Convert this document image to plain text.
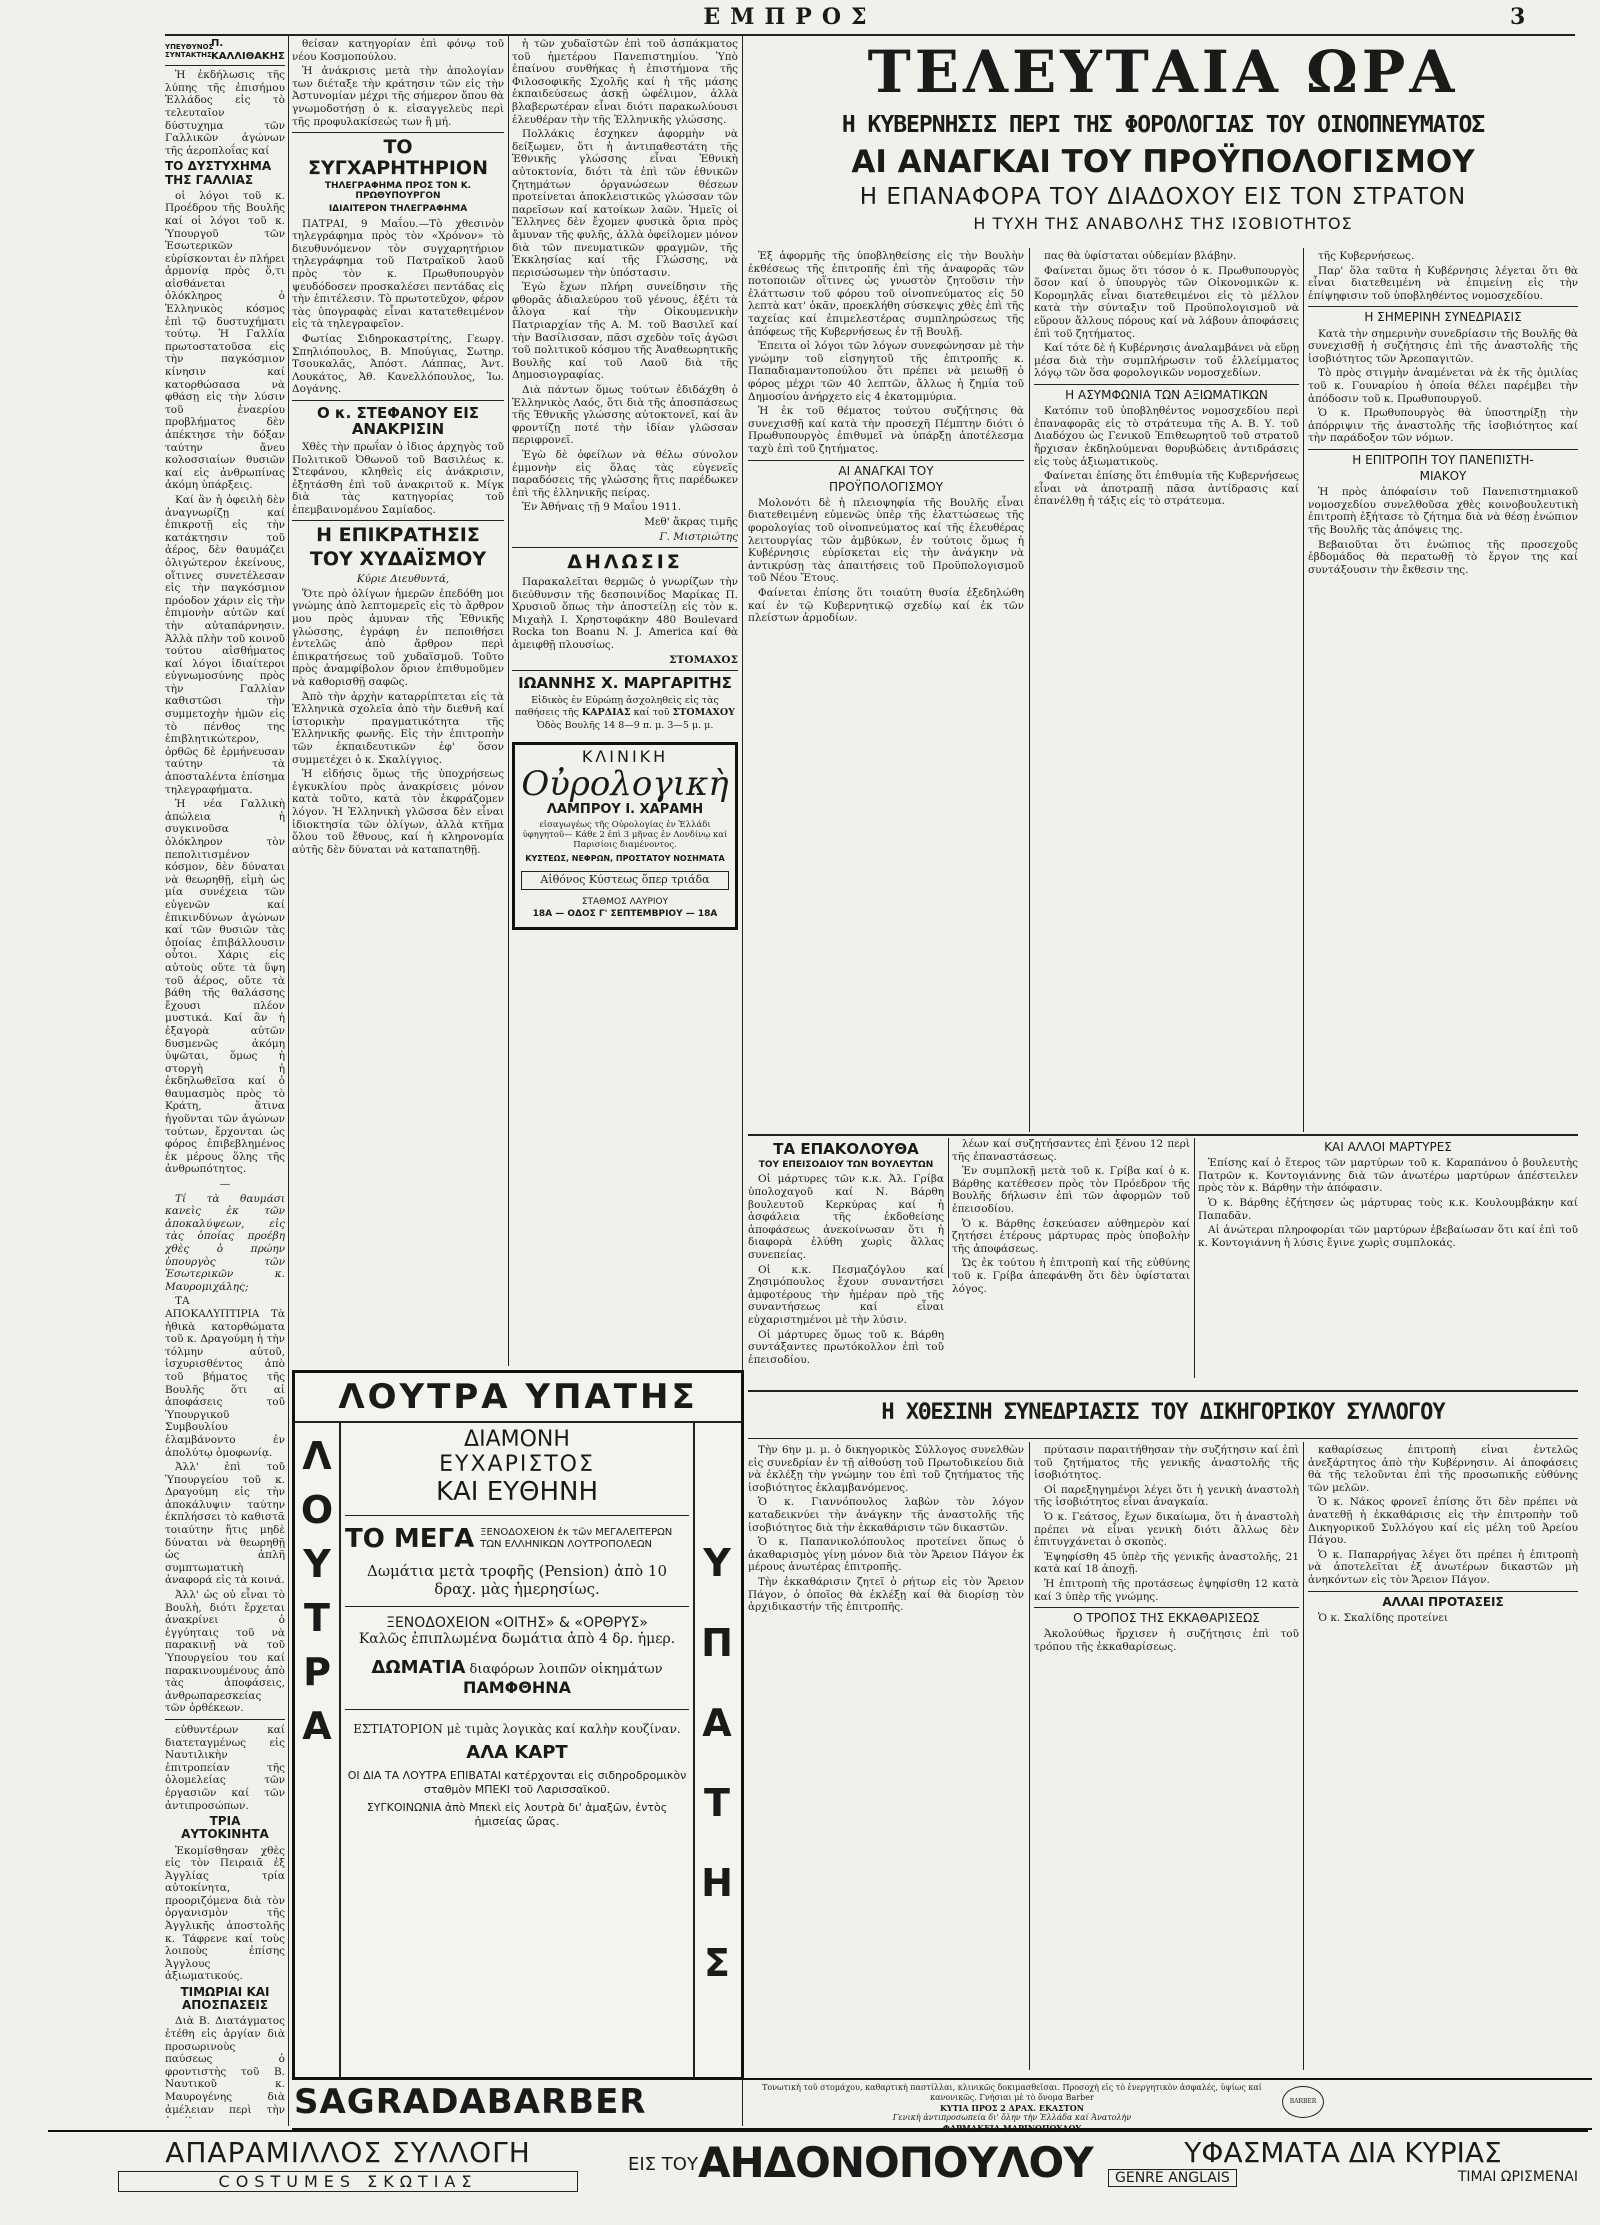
ΕΜΠΡΟΣ	3
ΥΠΕΥΘΥΝΟΣ ΣΥΝΤΑΚΤΗΣ
Π. ΚΑΛΛΙΘΑΚΗΣ

Ἡ ἐκδήλωσις τῆς λύπης τῆς ἐπισήμου Ἑλλάδος εἰς τὸ τελευταῖον δύστυχημα τῶν Γαλλικῶν ἀγώνων τῆς ἀεροπλοΐας καί

ΤΟ ΔΥΣΤΥΧΗΜΑ ΤΗΣ ΓΑΛΛΙΑΣ

οἱ λόγοι τοῦ κ. Προέδρου τῆς Βουλῆς καί οἱ λόγοι τοῦ κ. Ὑπουργοῦ τῶν Ἐσωτερικῶν εὑρίσκονται ἐν πλήρει ἁρμονίᾳ πρὸς ὅ,τι αἰσθάνεται ὁλόκληρος ὁ Ἑλληνικὸς κόσμος ἐπὶ τῷ δυστυχήματι τούτῳ. Ἡ Γαλλία πρωτοστατοῦσα εἰς τὴν παγκόσμιον κίνησιν καί κατορθώσασα νὰ φθάσῃ εἰς τὴν λύσιν τοῦ ἐναερίου προβλήματος δὲν ἀπέκτησε τὴν δόξαν ταύτην ἄνευ κολοσσιαίων θυσιῶν καί εἰς ἀνθρωπίνας ἀκόμη ὑπάρξεις.

Καί ἂν ἡ ὀφειλὴ δὲν ἀναγνωρίζῃ καί ἐπικροτῇ εἰς τὴν κατάκτησιν τοῦ ἀέρος, δὲν θαυμάζει ὀλιγώτερον ἐκείνους, οἵτινες συνετέλεσαν εἰς τὴν παγκόσμιον πρόοδον χάριν εἰς τὴν ἐπιμονὴν αὐτῶν καί τὴν αὐταπάρνησιν. Ἀλλὰ πλὴν τοῦ κοινοῦ τούτου αἰσθήματος καί λόγοι ἰδιαίτεροι εὐγνωμοσύνης πρὸς τὴν Γαλλίαν καθιστῶσι τὴν συμμετοχὴν ἡμῶν εἰς τὸ πένθος της ἐπιβλητικώτερον, ὀρθῶς δὲ ἑρμήνευσαν ταύτην τὰ ἀποσταλέντα ἐπίσημα τηλεγραφήματα.

Ἡ νέα Γαλλικὴ ἀπώλεια ἡ συγκινοῦσα ὁλόκληρον τὸν πεπολιτισμένον κόσμον, δὲν δύναται νὰ θεωρηθῇ, εἰμὴ ὡς μία συνέχεια τῶν εὐγενῶν καί ἐπικινδύνων ἀγώνων καί τῶν θυσιῶν τὰς ὁποίας ἐπιβάλλουσιν οὗτοι. Χάρις εἰς αὐτοὺς οὔτε τὰ ὕψη τοῦ ἀέρος, οὔτε τὰ βάθη τῆς θαλάσσης ἔχουσι πλέον μυστικά. Καί ἂν ἡ ἐξαγορὰ αὐτῶν δυσμενῶς ἀκόμη ὑψῶται, ὅμως ἡ στοργὴ ἡ ἐκδηλωθεῖσα καί ὁ θαυμασμὸς πρὸς τὸ Κράτη, ἅτινα ἡγοῦνται τῶν ἀγώνων τούτων, ἔρχονται ὡς φόρος ἐπιβεβλημένος ἐκ μέρους ὅλης τῆς ἀνθρωπότητος.

—

Τί τὰ θαυμάσι κανεὶς ἐκ τῶν ἀποκαλύψεων, εἰς τὰς ὁποίας προέβη χθὲς ὁ πρώην ὑπουργὸς τῶν Ἐσωτερικῶν κ. Μαυρομιχάλης;

ΤΑ ΑΠΟΚΑΛΥΠΤΙΡΙΑ Τὰ ἠθικὰ κατορθώματα τοῦ κ. Δραγούμη ἡ τὴν τόλμην αὐτοῦ, ἰσχυρισθέντος ἀπὸ τοῦ βήματος τῆς Βουλῆς ὅτι αἱ ἀποφάσεις τοῦ Ὑπουργικοῦ Συμβουλίου ἐλαμβάνοντο ἐν ἀπολύτῳ ὁμοφωνίᾳ.

Ἀλλ' ἐπὶ τοῦ Ὑπουργείου τοῦ κ. Δραγούμη εἰς τὴν ἀποκάλυψιν ταύτην ἐκπλήσσει τὸ καθιστᾶ τοιαύτην ἥτις μηδὲ δύναται νὰ θεωρηθῇ ὡς ἀπλῆ συμπτωματικὴ ἀναφορά εἰς τὰ κοινά.

Ἀλλ' ὡς οὐ εἶναι τὸ Βουλὴ, διότι ἔρχεται ἀνακρίνει ὁ ἐγγύηταις τοῦ νὰ παρακινῇ νὰ τοῦ Ὑπουργείου του καί παρακινουμένους ἀπὸ τὰς ἀποφάσεις, ἀνθρωπαρεσκείας τῶν ὀρθέκεων.

εὐθυντέρων καί διατεταγμένως εἰς Ναυτιλικὴν ἐπιτροπείαν τῆς ὁλομελείας τῶν ἐργασιῶν καί τῶν ἀντιπροσώπων.

ΤΡΙΑ ΑΥΤΟΚΙΝΗΤΑ

Ἐκομίσθησαν χθὲς εἰς τὸν Πειραιᾶ ἐξ Ἀγγλίας τρία αὐτοκίνητα, προοριζόμενα διὰ τὸν ὀργανισμὸν τῆς Ἀγγλικῆς ἀποστολῆς κ. Τάφρενε καί τοὺς λοιποὺς ἐπίσης Ἀγγλους ἀξιωματικούς.

ΤΙΜΩΡΙΑΙ ΚΑΙ ΑΠΟΣΠΑΣΕΙΣ

Διὰ Β. Διατάγματος ἐτέθη εἰς ἀργίαν διὰ προσωρινοὺς παύσεως ὁ φροντιστὴς τοῦ Β. Ναυτικοῦ κ. Μαυρογένης διὰ ἀμέλειαν περὶ τὴν

θείσαν κατηγορίαν ἐπὶ φόνῳ τοῦ νέου Κοσμοπούλου.

Ἡ ἀνάκρισις μετὰ τὴν ἀπολογίαν των διέταξε τὴν κράτησιν τῶν εἰς τὴν Ἀστυνομίαν μέχρι τῆς σήμερον ὅπου θὰ γνωμοδοτήσῃ ὁ κ. εἰσαγγελεὺς περὶ τῆς προφυλακίσεώς των ἢ μή.

ΤΟ ΣΥΓΧΑΡΗΤΗΡΙΟΝ
ΤΗΛΕΓΡΑΦΗΜΑ ΠΡΟΣ ΤΟΝ Κ. ΠΡΩΘΥΠΟΥΡΓΟΝ
ΙΔΙΑΙΤΕΡΟΝ ΤΗΛΕΓΡΑΦΗΜΑ

ΠΑΤΡΑΙ, 9 Μαΐου.—Τὸ χθεσινὸν τηλεγράφημα πρὸς τὸν «Χρόνον» τὸ διευθυνόμενον τὸν συγχαρητήριον τηλεγράφημα τοῦ Πατραϊκοῦ λαοῦ πρὸς τὸν κ. Πρωθυπουργὸν ψευδόδοσεν προσκαλέσει πεντάδας εἰς τὴν ἐπιτέλεσιν. Τὸ πρωτοτεῦχον, φέρον τὰς ὑπογραφὰς εἶναι κατατεθειμένον εἰς τὰ τηλεγραφεῖον.

Φωτίας Σιδηροκαστρίτης, Γεωργ. Σπηλιόπουλος, Β. Μπούγιας, Σωτηρ. Τσουκαλᾶς, Ἀπόστ. Λάππας, Ἀντ. Λουκάτος, Ἀθ. Κανελλόπουλος, Ἰω. Δογάνης.

Ο κ. ΣΤΕΦΑΝΟΥ ΕΙΣ ΑΝΑΚΡΙΣΙΝ

Χθὲς τὴν πρωΐαν ὁ ἰδιος ἀρχηγὸς τοῦ Πολιτικοῦ Ὀθωνοῦ τοῦ Βασιλέως κ. Στεφάνου, κληθεὶς εἰς ἀνάκρισιν, ἐξητάσθη ἐπὶ τοῦ ἀνακριτοῦ κ. Μίγκ διὰ τὰς κατηγορίας τοῦ ἐπεμβαινομένου Σαμίαδος.

Η ΕΠΙΚΡΑΤΗΣΙΣ
ΤΟΥ ΧΥΔΑΪΣΜΟΥ

Κύριε Διευθυντά,

Ὅτε πρὸ ὀλίγων ἡμερῶν ἐπεδόθη μοι γνώμης ἀπὸ λεπτομερεῖς εἰς τὸ ἄρθρον μου πρὸς ἀμυναν τῆς Ἑθνικῆς γλώσσης, ἐγράφη ἐν πεποιθήσει ἐντελῶς ἀπὸ ἄρθρον περὶ ἐπικρατήσεως τοῦ χυδαϊσμοῦ. Τοῦτο πρὸς ἀναμφίβολον ὅριον ἐπιθυμοῦμεν νὰ καθορισθῇ σαφῶς.

Ἀπὸ τὴν ἀρχὴν καταρρίπτεται εἰς τὰ Ἑλληνικὰ σχολεῖα ἀπὸ τὴν διεθνῆ καί ἱστορικὴν πραγματικότητα τῆς Ἑλληνικῆς φωνῆς. Εἰς τὴν ἐπιτροπὴν τῶν ἐκπαιδευτικῶν ἐφ' ὅσον συμμετέχει ὁ κ. Σκαλίγγιος.

Ἡ εἰδήσις ὅμως τῆς ὑποχρήσεως ἐγκυκλίου πρὸς ἀνακρίσεις μόνον κατὰ τοῦτο, κατὰ τὸν ἐκφράζομεν λόγον. Ἡ Ἑλληνικὴ γλῶσσα δὲν εἶναι ἰδιοκτησία τῶν ὀλίγων, ἀλλὰ κτῆμα ὅλου τοῦ ἔθνους, καί ἡ κληρονομία αὐτῆς δὲν δύναται νὰ καταπατηθῇ.

ἡ τῶν χυδαϊστῶν ἐπὶ τοῦ ἀσπάκματος τοῦ ἡμετέρου Πανεπιστημίου. Ὑπὸ ἐπαίνου συνθήκας ἡ ἐπιστήμονα τῆς Φιλοσοφικῆς Σχολῆς καί ἡ τῆς μάσης ἐκπαιδεύσεως ἀσκῇ ὠφέλιμον, ἀλλὰ βλαβερωτέραν εἶναι διότι παρακωλύουσι ἐλευθέραν τὴν τῆς Ἑλληνικῆς γλώσσης.

Πολλάκις ἐσχηκεν ἀφορμὴν νὰ δείξωμεν, ὅτι ἡ ἀντιπαθεστάτη τῆς Ἑθνικῆς γλώσσης εἶναι Ἑθνικὴ αὐτοκτονία, διότι τὰ ἐπὶ τῶν ἐθνικῶν ζητημάτων ὀργανώσεων θέσεων προτείνεται ἀποκλειστικῶς γλώσσαν τῶν παρεῖσων καί κατοίκων λαῶν. Ἡμεῖς οἱ Ἕλληνες δὲν ἔχομεν φυσικὰ ὅρια πρὸς ἄμυναν τῆς φυλῆς, ἀλλὰ ὀφείλομεν μόνον διὰ τῶν πνευματικῶν φραγμῶν, τῆς Ἐκκλησίας καί τῆς Γλώσσης, νὰ περισώσωμεν τὴν ὑπόστασιν.

Ἐγὼ ἔχων πλήρη συνείδησιν τῆς φθορᾶς ἀδιαλεύρου τοῦ γένους, ἐξέτι τὰ ἄλογα καί τὴν Οἰκουμενικὴν Πατριαρχίαν τῆς Α. Μ. τοῦ Βασιλεῖ καί τὴν Βασίλισσαν, πᾶσι σχεδὸν τοῖς ἀγῶσι τοῦ πολιτικοῦ κόσμου τῆς Ἀναθεωρητικῆς Βουλῆς καί τοῦ Λαοῦ διὰ τῆς Δημοσιογραφίας.

Διὰ πάντων ὅμως τούτων ἐδιδάχθη ὁ Ἑλληνικὸς Λαός, ὅτι διὰ τῆς ἀποσπάσεως τῆς Ἑθνικῆς γλώσσης αὐτοκτονεῖ, καί ἂν φροντίζῃ ποτέ τὴν ἰδίαν γλῶσσαν περιφρονεῖ.

Ἐγὼ δὲ ὀφείλων νὰ θέλω σύνολον ἐμμονὴν εἰς ὅλας τὰς εὐγενεῖς παραδόσεις τῆς γλώσσης ἥτις παρέδωκεν ἐπὶ τῆς ἑλληνικῆς πείρας.

Ἐν Ἀθήναις τῇ 9 Μαΐου 1911.

Μεθ' ἄκρας τιμῆς

Γ. Μιστριώτης

ΔΗΛΩΣΙΣ

Παρακαλεῖται θερμῶς ὁ γνωρίζων τὴν διεύθυνσιν τῆς δεσποινίδος Μαρίκας Π. Χρυσιοῦ ὅπως τὴν ἀποστείλῃ εἰς τὸν κ. Μιχαὴλ Ι. Χρηστοφάκην 480 Boulevard Rocka ton Boanu N. J. America καί θὰ ἀμειφθῇ πλουσίως.

ΣΤΟΜΑΧΟΣ

ΙΩΑΝΝΗΣ Χ. ΜΑΡΓΑΡΙΤΗΣ
Εἰδικὸς ἐν Εὐρώπῃ ἀσχοληθεὶς εἰς τὰς παθήσεις τῆς ΚΑΡΔΙΑΣ καί τοῦ ΣΤΟΜΑΧΟΥ
Ὁδὸς Βουλῆς 14 8—9 π. μ. 3—5 μ. μ.
ΚΛΙΝΙΚΗ
Οὐρολογικὴ
ΛΑΜΠΡΟΥ Ι. ΧΑΡΑΜΗ
εἰσαγωγέως τῆς Οὐρολογίας ἐν Ἑλλάδι ὑφηγητοῦ— Κάθε 2 ἐπὶ 3 μῆνας ἐν Λονδίνῳ καί Παρισίοις διαμένοντος.
ΚΥΣΤΕΩΣ, ΝΕΦΡΩΝ, ΠΡΟΣΤΑΤΟΥ ΝΟΣΗΜΑΤΑ
Αἰθόνος Κύστεως ὅπερ τριάδα
ΣΤΑΘΜΟΣ ΛΑΥΡΙΟΥ
18Α — ΟΔΟΣ Γ' ΣΕΠΤΕΜΒΡΙΟΥ — 18Α
ΛΟΥΤΡΑ ΥΠΑΤΗΣ
ΛΟΥΤΡΑ
ΥΠΑΤΗΣ
ΔΙΑΜΟΝΗ
ΕΥΧΑΡΙΣΤΟΣ
ΚΑΙ ΕΥΘΗΝΗ
ΤΟ ΜΕΓΑ ΞΕΝΟΔΟΧΕΙΟΝ ἐκ τῶν ΜΕΓΑΛΕΙΤΕΡΩΝ ΤΩΝ ΕΛΛΗΝΙΚΩΝ ΛΟΥΤΡΟΠΟΛΕΩΝ
Δωμάτια μετὰ τροφῆς (Pension) ἀπὸ 10 δραχ. μὰς ἡμερησίως.
ΞΕΝΟΔΟΧΕΙΟΝ «ΟΙΤΗΣ» & «ΟΡΘΡΥΣ»
Καλῶς ἐπιπλωμένα δωμάτια ἀπὸ 4 δρ. ἡμερ.
ΔΩΜΑΤΙΑ διαφόρων λοιπῶν οἰκημάτων
ΠΑΜΦΘΗΝΑ
ΕΣΤΙΑΤΟΡΙΟΝ μὲ τιμὰς λογικὰς καί καλὴν κουζίναν.
ΑΛΑ ΚΑΡΤ
ΟΙ ΔΙΑ ΤΑ ΛΟΥΤΡΑ ΕΠΙΒΑΤΑΙ κατέρχονται εἰς σιδηροδρομικὸν σταθμὸν ΜΠΕΚΙ τοῦ Λαρισσαϊκοῦ.
ΣΥΓΚΟΙΝΩΝΙΑ ἀπὸ Μπεκὶ εἰς λουτρὰ δι' ἁμαξῶν, ἐντὸς ἡμισείας ὥρας.
SAGRADABARBER	Τονωτικὴ τοῦ στομάχου, καθαρτικὴ παστίλλαι, κλινικῶς δοκιμασθεῖσαι. Προσοχὴ εἰς τὸ ἐνεργητικὸν ἀσφαλές, ὑψίως καί κανονικῶς. Γνήσιαι μὲ τὸ ὄνομα Barber
ΚΥΤΙΑ ΠΡΟΣ 2 ΔΡΑΧ. ΕΚΑΣΤΟΝ
Γενικὴ ἀντιπροσωπεία δι' ὅλην τὴν Ἑλλάδα καί Ἀνατολὴν
ΦΑΡΜΑΚΕΙΑ ΜΑΡΙΝΟΠΟΥΛΟΥ
BARBER
ΤΕΛΕΥΤΑΙΑ ΩΡΑ
Η ΚΥΒΕΡΝΗΣΙΣ ΠΕΡΙ ΤΗΣ ΦΟΡΟΛΟΓΙΑΣ ΤΟΥ ΟΙΝΟΠΝΕΥΜΑΤΟΣ
ΑΙ ΑΝΑΓΚΑΙ ΤΟΥ ΠΡΟΫΠΟΛΟΓΙΣΜΟΥ
Η ΕΠΑΝΑΦΟΡΑ ΤΟΥ ΔΙΑΔΟΧΟΥ ΕΙΣ ΤΟΝ ΣΤΡΑΤΟΝ
Η ΤΥΧΗ ΤΗΣ ΑΝΑΒΟΛΗΣ ΤΗΣ ΙΣΟΒΙΟΤΗΤΟΣ

Ἐξ ἀφορμῆς τῆς ὑποβληθείσης εἰς τὴν Βουλὴν ἐκθέσεως τῆς ἐπιτροπῆς ἐπὶ τῆς ἀναφορᾶς τῶν ποτοποιῶν οἵτινες ὡς γνωστὸν ζητοῦσιν τὴν ἐλάττωσιν τοῦ φόρου τοῦ οἰνοπνεύματος εἰς 50 λεπτὰ κατ' ὀκᾶν, προεκλήθη σύσκεψις χθὲς ἐπὶ τῆς ταχείας καί ἐπιμελεστέρας συμπληρώσεως τῆς ἀπόφεως τῆς Κυβερνήσεως ἐν τῇ Βουλῇ.

Ἐπειτα οἱ λόγοι τῶν λόγων συνεφώνησαν μὲ τὴν γνώμην τοῦ εἰσηγητοῦ τῆς ἐπιτροπῆς κ. Παπαδιαμαντοπούλου ὅτι πρέπει νὰ μειωθῇ ὁ φόρος μέχρι τῶν 40 λεπτῶν, ἄλλως ἡ ζημία τοῦ Δημοσίου ἀνήρχετο εἰς 4 ἑκατομμύρια.

Ἡ ἐκ τοῦ θέματος τούτου συζήτησις θὰ συνεχισθῇ καί κατὰ τὴν προσεχῆ Πέμπτην διότι ὁ Πρωθυπουργὸς ἐπιθυμεῖ νὰ ὑπάρξῃ ἀποτέλεσμα ταχὺ ἐπὶ τοῦ ζητήματος.

ΑΙ ΑΝΑΓΚΑΙ ΤΟΥ
ΠΡΟΫΠΟΛΟΓΙΣΜΟΥ

Μολονότι δὲ ἡ πλειοψηφία τῆς Βουλῆς εἶναι διατεθειμένη εὐμενῶς ὑπὲρ τῆς ἐλαττώσεως τῆς φορολογίας τοῦ οἰνοπνεύματος καί τῆς ἐλευθέρας λειτουργίας τῶν ἀμβύκων, ἐν τούτοις ὅμως ἡ Κυβέρνησις εὑρίσκεται εἰς τὴν ἀνάγκην νὰ ἀντικρύσῃ τὰς ἀπαιτήσεις τοῦ Προϋπολογισμοῦ τοῦ Νέου Ἔτους.

Φαίνεται ἐπίσης ὅτι τοιαύτη θυσία ἐξεδηλώθη καί ἐν τῷ Κυβερνητικῷ σχεδίῳ καί ἐκ τῶν πλείστων ἀρμοδίων.

πας θὰ ὑφίσταται οὐδεμίαν βλάβην.

Φαίνεται ὅμως ὅτι τόσον ὁ κ. Πρωθυπουργὸς ὅσον καί ὁ ὑπουργὸς τῶν Οἰκονομικῶν κ. Κορομηλᾶς εἶναι διατεθειμένοι εἰς τὸ μέλλον κατὰ τὴν σύνταξιν τοῦ Προϋπολογισμοῦ νὰ εὕρουν ἄλλους πόρους καί νὰ λάβουν ἀποφάσεις ἐπὶ τοῦ ζητήματος.

Καί τότε δὲ ἡ Κυβέρνησις ἀναλαμβάνει νὰ εὕρῃ μέσα διὰ τὴν συμπλήρωσιν τοῦ ἐλλείμματος λόγῳ τῶν ὅσα φορολογικῶν νομοσχεδίων.

Η ΑΣΥΜΦΩΝΙΑ ΤΩΝ ΑΞΙΩΜΑΤΙΚΩΝ

Κατόπιν τοῦ ὑποβληθέντος νομοσχεδίου περὶ ἐπαναφορᾶς εἰς τὸ στράτευμα τῆς Α. Β. Υ. τοῦ Διαδόχου ὡς Γενικοῦ Ἐπιθεωρητοῦ τοῦ στρατοῦ ἤρχισαν ἐκδηλούμεναι θορυβώδεις ἀντιδράσεις εἰς τοὺς ἀξιωματικοὺς.

Φαίνεται ἐπίσης ὅτι ἐπιθυμία τῆς Κυβερνήσεως εἶναι νὰ ἀποτραπῇ πᾶσα ἀντίδρασις καί ἐπανέλθῃ ἡ τάξις εἰς τὸ στράτευμα.

τῆς Κυβερνήσεως.

Παρ' ὅλα ταῦτα ἡ Κυβέρνησις λέγεται ὅτι θὰ εἶναι διατεθειμένη νὰ ἐπιμείνῃ εἰς τὴν ἐπίψηφισιν τοῦ ὑποβληθέντος νομοσχεδίου.

Η ΣΗΜΕΡΙΝΗ ΣΥΝΕΔΡΙΑΣΙΣ

Κατὰ τὴν σημερινὴν συνεδρίασιν τῆς Βουλῆς θὰ συνεχισθῇ ἡ συζήτησις ἐπὶ τῆς ἀναστολῆς τῆς ἰσοβιότητος τῶν Ἀρεοπαγιτῶν.

Τὸ πρὸς στιγμὴν ἀναμένεται νὰ ἐκ τῆς ὁμιλίας τοῦ κ. Γουναρίου ἡ ὁποία θέλει παρέμβει τὴν ἀπόδοσιν τοῦ κ. Πρωθυπουργοῦ.

Ὁ κ. Πρωθυπουργὸς θὰ ὑποστηρίξῃ τὴν ἀπόρριψιν τῆς ἀναστολῆς τῆς ἰσοβιότητος καί τὴν παράδοξον τῶν νόμων.

Η ΕΠΙΤΡΟΠΗ ΤΟΥ ΠΑΝΕΠΙΣΤΗ-
ΜΙΑΚΟΥ

Ἡ πρὸς ἀπόφαίσιν τοῦ Πανεπιστημιακοῦ νομοσχεδίου συνελθοῦσα χθὲς κοινοβουλευτικὴ ἐπιτροπὴ ἐξήτασε τὸ ζήτημα διὰ νὰ θέσῃ ἐνώπιον τῆς Βουλῆς τὰς ἀπόψεις της.

Βεβαιοῦται ὅτι ἐνώπιος τῆς προσεχοῦς ἑβδομάδος θὰ περατωθῇ τὸ ἔργον της καί συντάξουσιν τὴν ἔκθεσιν της.

ΤΑ ΕΠΑΚΟΛΟΥΘΑ
ΤΟΥ ΕΠΕΙΣΟΔΙΟΥ ΤΩΝ ΒΟΥΛΕΥΤΩΝ

Οἱ μάρτυρες τῶν κ.κ. Ἀλ. Γρίβα ὑπολοχαγοῦ καί Ν. Βάρθη βουλευτοῦ Κερκύρας καί ἡ ἀσφάλεια τῆς ἐκδοθείσης ἀποφάσεως ἀνεκοίνωσαν ὅτι ἡ διαφορὰ ἐλύθη χωρὶς ἄλλας συνεπείας.

Οἱ κ.κ. Πεσμαζόγλου καί Ζησιμόπουλος ἔχουν συναντήσει ἀμφοτέρους τὴν ἡμέραν πρὸ τῆς συναντήσεως καί εἶναι εὐχαριστημένοι μὲ τὴν λύσιν.

Οἱ μάρτυρες ὅμως τοῦ κ. Βάρθη συντάξαντες πρωτόκολλον ἐπὶ τοῦ ἐπεισοδίου.

λέων καί συζητήσαντες ἐπὶ ξένου 12 περὶ τῆς ἐπαναστάσεως.

Ἐν συμπλοκῇ μετὰ τοῦ κ. Γρίβα καί ὁ κ. Βάρθης κατέθεσεν πρὸς τὸν Πρόεδρον τῆς Βουλῆς δήλωσιν ἐπὶ τῶν ἀφορμῶν τοῦ ἐπεισοδίου.

Ὁ κ. Βάρθης ἐσκεύασεν αὐθημερὸν καί ζητήσει ἑτέρους μάρτυρας πρὸς ὑποβολὴν τῆς ἀποφάσεως.

Ὡς ἐκ τούτου ἡ ἐπιτροπὴ καί τῆς εὐθύνης τοῦ κ. Γρίβα ἀπεφάνθη ὅτι δὲν ὑφίσταται λόγος.

ΚΑΙ ΑΛΛΟΙ ΜΑΡΤΥΡΕΣ

Ἐπίσης καί ὁ ἕτερος τῶν μαρτύρων τοῦ κ. Καραπάνου ὁ βουλευτὴς Πατρῶν κ. Κοντογιάννης διὰ τῶν ἀνωτέρω μαρτύρων ἀπέστειλεν πρὸς τὸν κ. Βάρθην τὴν ἀπόφασιν.

Ὁ κ. Βάρθης ἐζήτησεν ὡς μάρτυρας τοὺς κ.κ. Κουλουμβάκην καί Παπαδᾶν.

Αἱ ἀνώτεραι πληροφορίαι τῶν μαρτύρων ἐβεβαίωσαν ὅτι καί ἐπὶ τοῦ κ. Κοντογιάννη ἡ λύσις ἔγινε χωρὶς συμπλοκάς.

Η ΧΘΕΣΙΝΗ ΣΥΝΕΔΡΙΑΣΙΣ ΤΟΥ ΔΙΚΗΓΟΡΙΚΟΥ ΣΥΛΛΟΓΟΥ

Τὴν 6ην μ. μ. ὁ δικηγορικὸς Σύλλογος συνελθὼν εἰς συνεδρίαν ἐν τῇ αἰθούσῃ τοῦ Πρωτοδικείου διὰ νὰ ἐκλέξῃ τὴν γνώμην του ἐπὶ τοῦ ζητήματος τῆς ἰσοβιότητος ἐκλαμβανόμενος.

Ὁ κ. Γιαννόπουλος λαβὼν τὸν λόγον καταδεικνύει τὴν ἀνάγκην τῆς ἀναστολῆς τῆς ἰσοβιότητος διὰ τὴν ἐκκαθάρισιν τῶν δικαστῶν.

Ὁ κ. Παπανικολόπουλος προτείνει ὅπως ὁ ἀκαθαρισμὸς γίνῃ μόνον διὰ τὸν Ἄρειον Πάγον ἐκ μέρους ἀνωτέρας ἐπιτροπῆς.

Τὴν ἐκκαθάρισιν ζητεῖ ὁ ρήτωρ εἰς τὸν Ἄρειον Πάγον, ὁ ὁποῖος θὰ ἐκλέξῃ καί θὰ διορίσῃ τὸν ἀρχιδικαστήν τῆς ἐπιτροπῆς.

πρύτασιν παραιτήθησαν τὴν συζήτησιν καί ἐπὶ τοῦ ζητήματος τῆς γενικῆς ἀναστολῆς τῆς ἰσοβιότητος.

Οἱ παρεξηγημένοι λέγει ὅτι ἡ γενικὴ ἀναστολὴ τῆς ἰσοβιότητος εἶναι ἀναγκαία.

Ὁ κ. Γεάτσος, ἔχων δικαίωμα, ὅτι ἡ ἀναστολὴ πρέπει νὰ εἶναι γενικὴ διότι ἄλλως δὲν ἐπιτυγχάνεται ὁ σκοπὸς.

Ἐψηφίσθη 45 ὑπὲρ τῆς γενικῆς ἀναστολῆς, 21 κατὰ καί 18 ἀποχῇ.

Ἡ ἐπιτροπὴ τῆς προτάσεως ἐψηφίσθη 12 κατὰ καί 3 ὑπὲρ τῆς γνώμης.

Ο ΤΡΟΠΟΣ ΤΗΣ ΕΚΚΑΘΑΡΙΣΕΩΣ

Ἀκολούθως ἤρχισεν ἡ συζήτησις ἐπὶ τοῦ τρόπου τῆς ἐκκαθαρίσεως.

καθαρίσεως ἐπιτροπὴ εἶναι ἐντελῶς ἀνεξάρτητος ἀπὸ τὴν Κυβέρνησιν. Αἱ ἀποφάσεις θὰ τῆς τελοῦνται ἐπὶ τῆς προσωπικῆς εὐθύνης τῶν μελῶν.

Ὁ κ. Νάκος φρονεῖ ἐπίσης ὅτι δὲν πρέπει νὰ ἀνατεθῇ ἡ ἐκκαθάρισις εἰς τὴν ἐπιτροπὴν τοῦ Δικηγορικοῦ Συλλόγου καί εἰς μέλη τοῦ Ἀρείου Πάγου.

Ὁ κ. Παπαρρήγας λέγει ὅτι πρέπει ἡ ἐπιτροπὴ νὰ ἀποτελεῖται ἐξ ἀνωτέρων δικαστῶν μὴ ἀνηκόντων εἰς τὸν Ἄρειον Πάγον.

ΑΛΛΑΙ ΠΡΟΤΑΣΕΙΣ

Ὁ κ. Σκαλίδης προτείνει

ΑΠΑΡΑΜΙΛΛΟΣ ΣΥΛΛΟΓΗ
COSTUMES ΣΚΩΤΙΑΣ
ΕΙΣ ΤΟΥ ΑΗΔΟΝΟΠΟΥΛΟΥ	ΥΦΑΣΜΑΤΑ ΔΙΑ ΚΥΡΙΑΣ
GENRE ANGLAIS	ΤΙΜΑΙ ΩΡΙΣΜΕΝΑΙ
